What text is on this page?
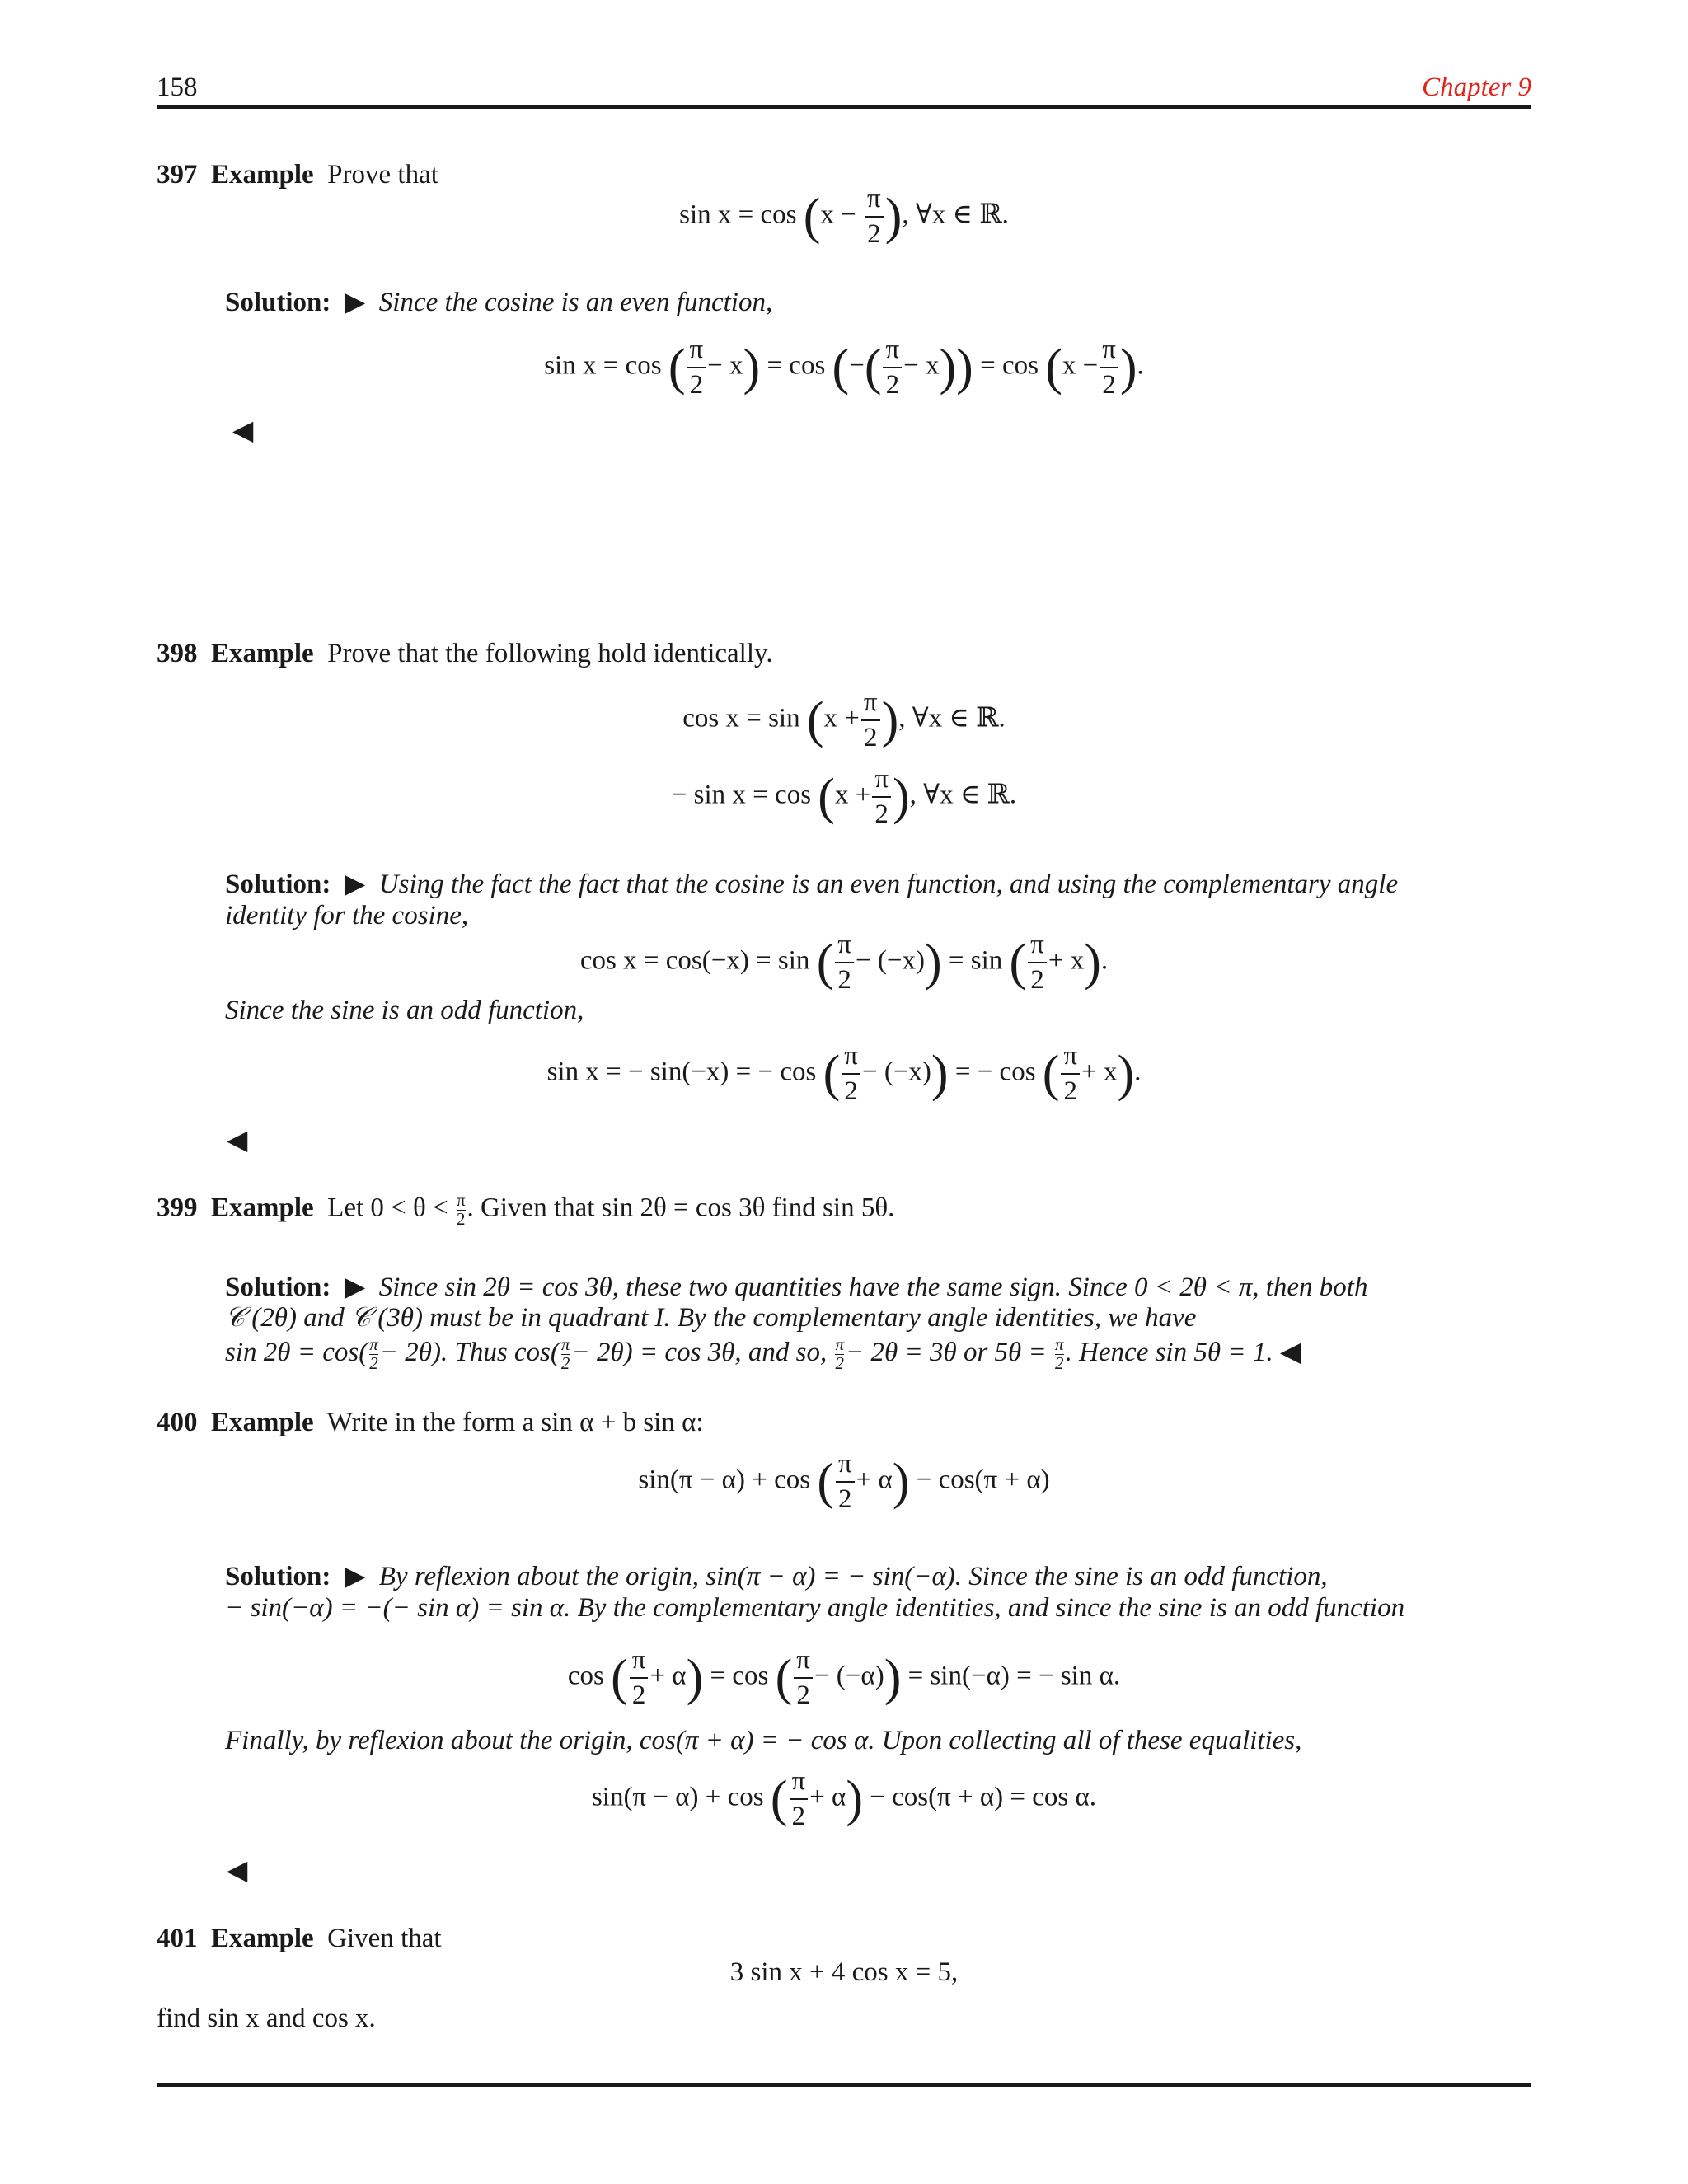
158	Chapter 9
397 Example Prove that
$\sin x = \cos (x - \frac{\pi}{2}$ ), ∀x ∈ ℝ.
Solution: ▶ Since the cosine is an even function,
sin x = cos ( $\frac{\pi}{2} - x) = \cos$ (−( $\frac{\pi}{2} - x)) = \cos (x - \frac{\pi}{2}$ ).
◀
398 Example Prove that the following hold identically.
$\cos x = \sin (x + \frac{\pi}{2}$ ), ∀x ∈ ℝ.
− $\sin x = \cos (x + \frac{\pi}{2}$ ), ∀x ∈ ℝ.
Solution: ▶ Using the fact the fact that the cosine is an even function, and using the complementary angle
identity for the cosine,
cos x = cos(−x) = sin ( $\frac{\pi}{2} - (-x)) = \sin$ ( $\frac{\pi}{2} + x$).
Since the sine is an odd function,
sin x = − sin(−x) = − cos ( $\frac{\pi}{2} - (-x)$) = − cos ( $\frac{\pi}{2} + x$).
◀
399 Example Let $0 < \theta < \frac{\pi}{2}$ . Given that sin 2θ = cos 3θ find sin 5θ.
Solution: ▶ Since sin 2θ = cos 3θ, these two quantities have the same sign. Since 0 < 2θ < π, then both
𝒞 (2θ) and 𝒞 (3θ) must be in quadrant I. By the complementary angle identities, we have
$\sin 2\theta = \cos( \frac{\pi}{2} - 2\theta)$. Thus $\cos( \frac{\pi}{2} - 2\theta) = \cos 3\theta$, and so, $\frac{\pi}{2} - 2\theta = 3\theta$ or $5\theta = \frac{\pi}{2}$ . Hence sin 5θ = 1. ◀
400 Example Write in the form a sin α + b sin α:
sin(π − α) + cos ( $\frac{\pi}{2} + \alpha) - \cos(\pi + \alpha)$
Solution: ▶ By reflexion about the origin, sin(π − α) = − sin(−α). Since the sine is an odd function,
− sin(−α) = −(− sin α) = sin α. By the complementary angle identities, and since the sine is an odd function
cos ( $\frac{\pi}{2} + \alpha) = \cos$ ( $\frac{\pi}{2} - (-\alpha)) = \sin(-\alpha)$ = − sin α.
Finally, by reflexion about the origin, cos(π + α) = − cos α. Upon collecting all of these equalities,
sin(π − α) + cos ( $\frac{\pi}{2} + \alpha) - \cos(\pi + \alpha) = \cos \alpha$.
◀
401 Example Given that
3 sin x + 4 cos x = 5,
find sin x and cos x.
